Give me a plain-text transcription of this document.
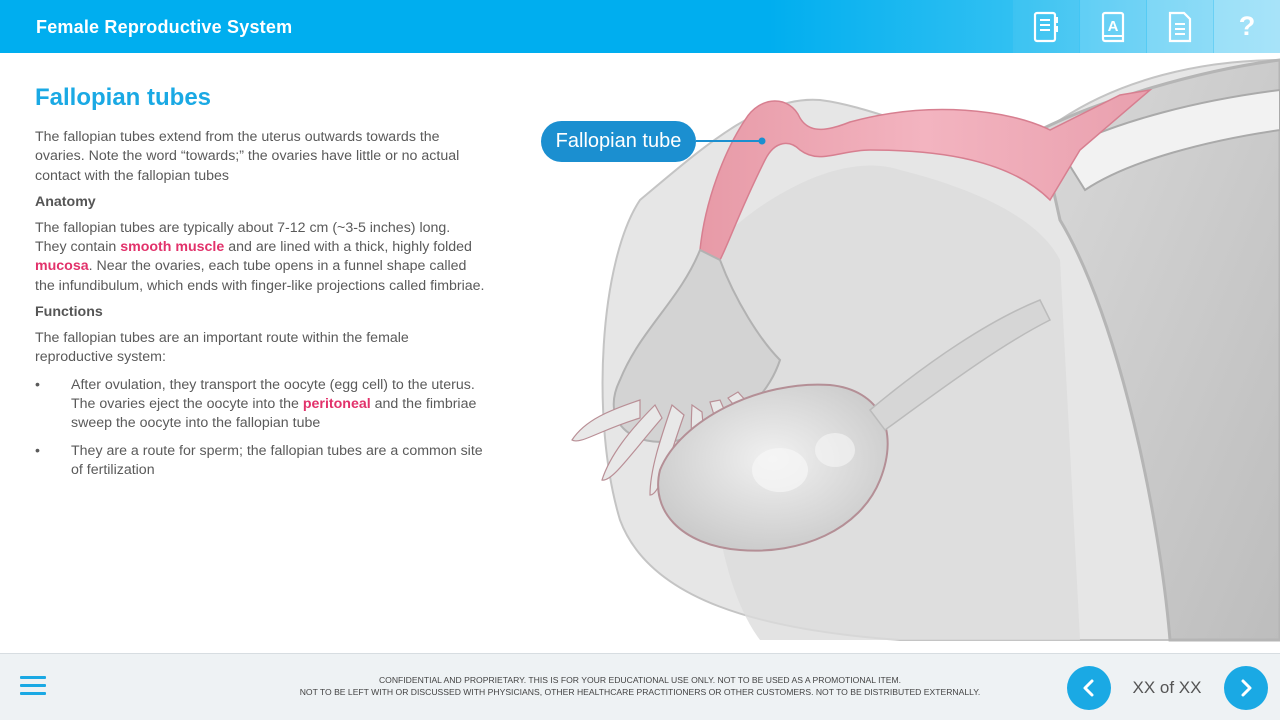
Female Reproductive System	A	?
Fallopian tubes

The fallopian tubes extend from the uterus outwards towards the ovaries. Note the word “towards;” the ovaries have little or no actual contact with the fallopian tubes

Anatomy

The fallopian tubes are typically about 7-12 cm (~3-5 inches) long. They contain smooth muscle and are lined with a thick, highly folded mucosa. Near the ovaries, each tube opens in a funnel shape called the infundibulum, which ends with finger-like projections called fimbriae.

Functions

The fallopian tubes are an important route within the female reproductive system:

• After ovulation, they transport the oocyte (egg cell) to the uterus. The ovaries eject the oocyte into the peritoneal and the fimbriae sweep the oocyte into the fallopian tube
• They are a route for sperm; the fallopian tubes are a common site of fertilization
Fallopian tube
CONFIDENTIAL AND PROPRIETARY. THIS IS FOR YOUR EDUCATIONAL USE ONLY. NOT TO BE USED AS A PROMOTIONAL ITEM.
NOT TO BE LEFT WITH OR DISCUSSED WITH PHYSICIANS, OTHER HEALTHCARE PRACTITIONERS OR OTHER CUSTOMERS. NOT TO BE DISTRIBUTED EXTERNALLY.	XX of XX
